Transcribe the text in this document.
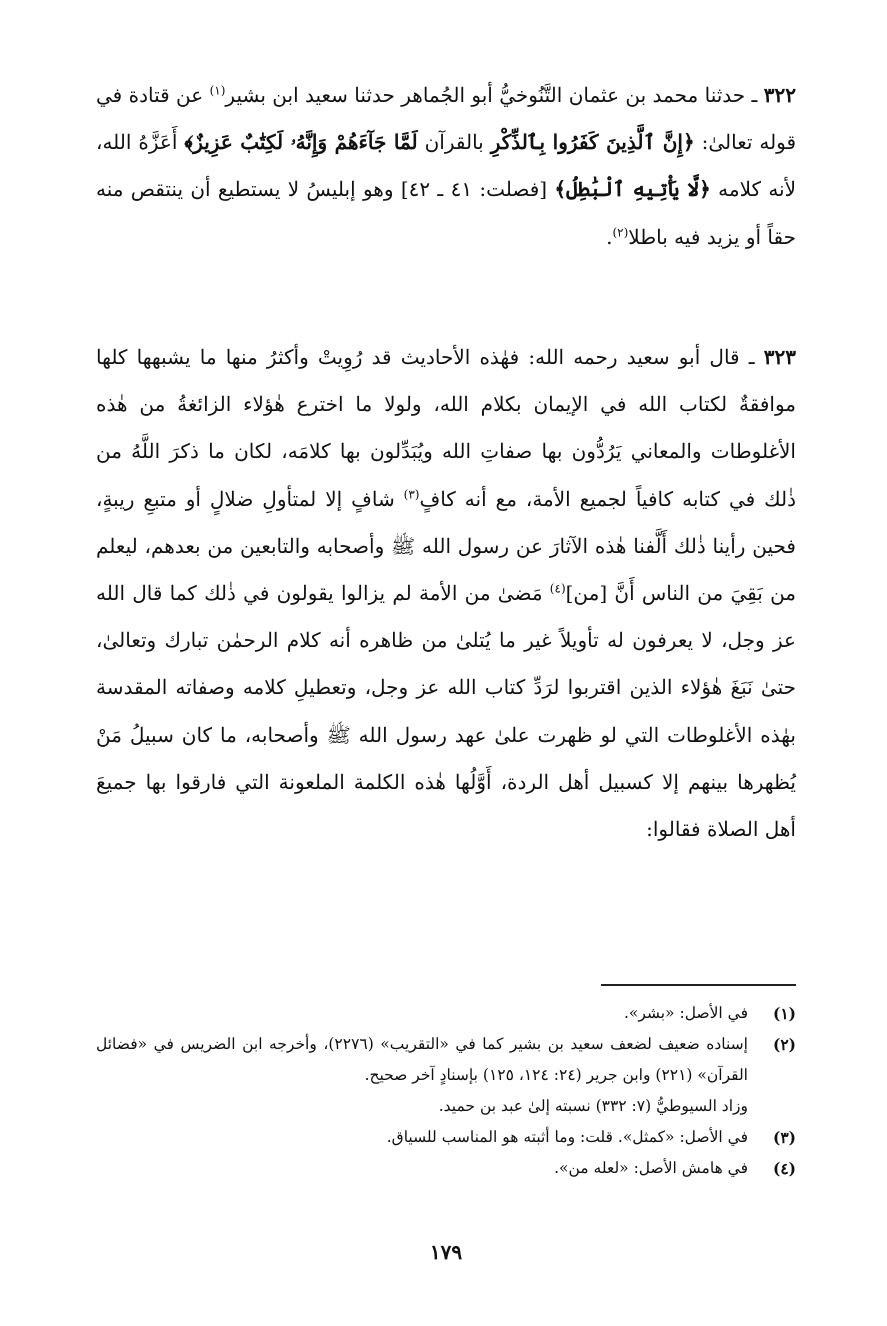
٣٢٢ ـ حدثنا محمد بن عثمان التَّنُوخيُّ أبو الجُماهر حدثنا سعيد ابن بشير$^{(١)}$ عن قتادة في قوله تعالىٰ: ﴿إِنَّ ٱلَّذِينَ كَفَرُوا بِٱلذِّكْرِ بالقرآن لَمَّا جَآءَهُمْ وَإِنَّهُۥ لَكِتَٰبٌ عَزِيزٌ﴾ أَعَزَّهُ الله، لأنه كلامه ﴿لَّا يَأْتِيهِ ٱلْبَٰطِلُ﴾ [فصلت: ٤١ ـ ٤٢] وهو إبليسُ لا يستطيع أن ينتقص منه حقاً أو يزيد فيه باطلا$^{(٢)}$.

٣٢٣ ـ قال أبو سعيد رحمه الله: فهٰذه الأحاديث قد رُوِيتْ وأكثرُ منها ما يشبهها كلها موافقةٌ لكتاب الله في الإيمان بكلام الله، ولولا ما اخترع هٰؤلاء الزائغةُ من هٰذه الأغلوطات والمعاني يَرُدُّون بها صفاتِ الله ويُبَدِّلون بها كلامَه، لكان ما ذكرَ اللَّهُ من ذٰلك في كتابه كافياً لجميع الأمة، مع أنه كافٍ$^{(٣)}$ شافٍ إلا لمتأولِ ضلالٍ أو متبعِ ريبةٍ، فحين رأينا ذٰلك أَلَّفنا هٰذه الآثارَ عن رسول الله ﷺ وأصحابه والتابعين من بعدهم، ليعلم من بَقِيَ من الناس أَنَّ [من]$^{(٤)}$ مَضىٰ من الأمة لم يزالوا يقولون في ذٰلك كما قال الله عز وجل، لا يعرفون له تأويلاً غير ما يُتلىٰ من ظاهره أنه كلام الرحمٰن تبارك وتعالىٰ، حتىٰ نَبَغَ هٰؤلاء الذين اقتربوا لرَدِّ كتاب الله عز وجل، وتعطيلِ كلامه وصفاته المقدسة بهٰذه الأغلوطات التي لو ظهرت علىٰ عهد رسول الله ﷺ وأصحابه، ما كان سبيلُ مَنْ يُظهرها بينهم إلا كسبيل أهل الردة، أَوَّلُها هٰذه الكلمة الملعونة التي فارقوا بها جميعَ أهل الصلاة فقالوا:

(١)
في الأصل: «بشر».
(٢)
إسناده ضعيف لضعف سعيد بن بشير كما في «التقريب» (٢٢٧٦)، وأخرجه ابن الضريس في «فضائل القرآن» (٢٢١) وابن جرير (٢٤: ١٢٤، ١٢٥) بإسنادٍ آخر صحيح.
وزاد السيوطيُّ (٧: ٣٣٢) نسبته إلىٰ عبد بن حميد.
(٣)
في الأصل: «كمثل». قلت: وما أثبته هو المناسب للسياق.
(٤)
في هامش الأصل: «لعله من».
١٧٩
